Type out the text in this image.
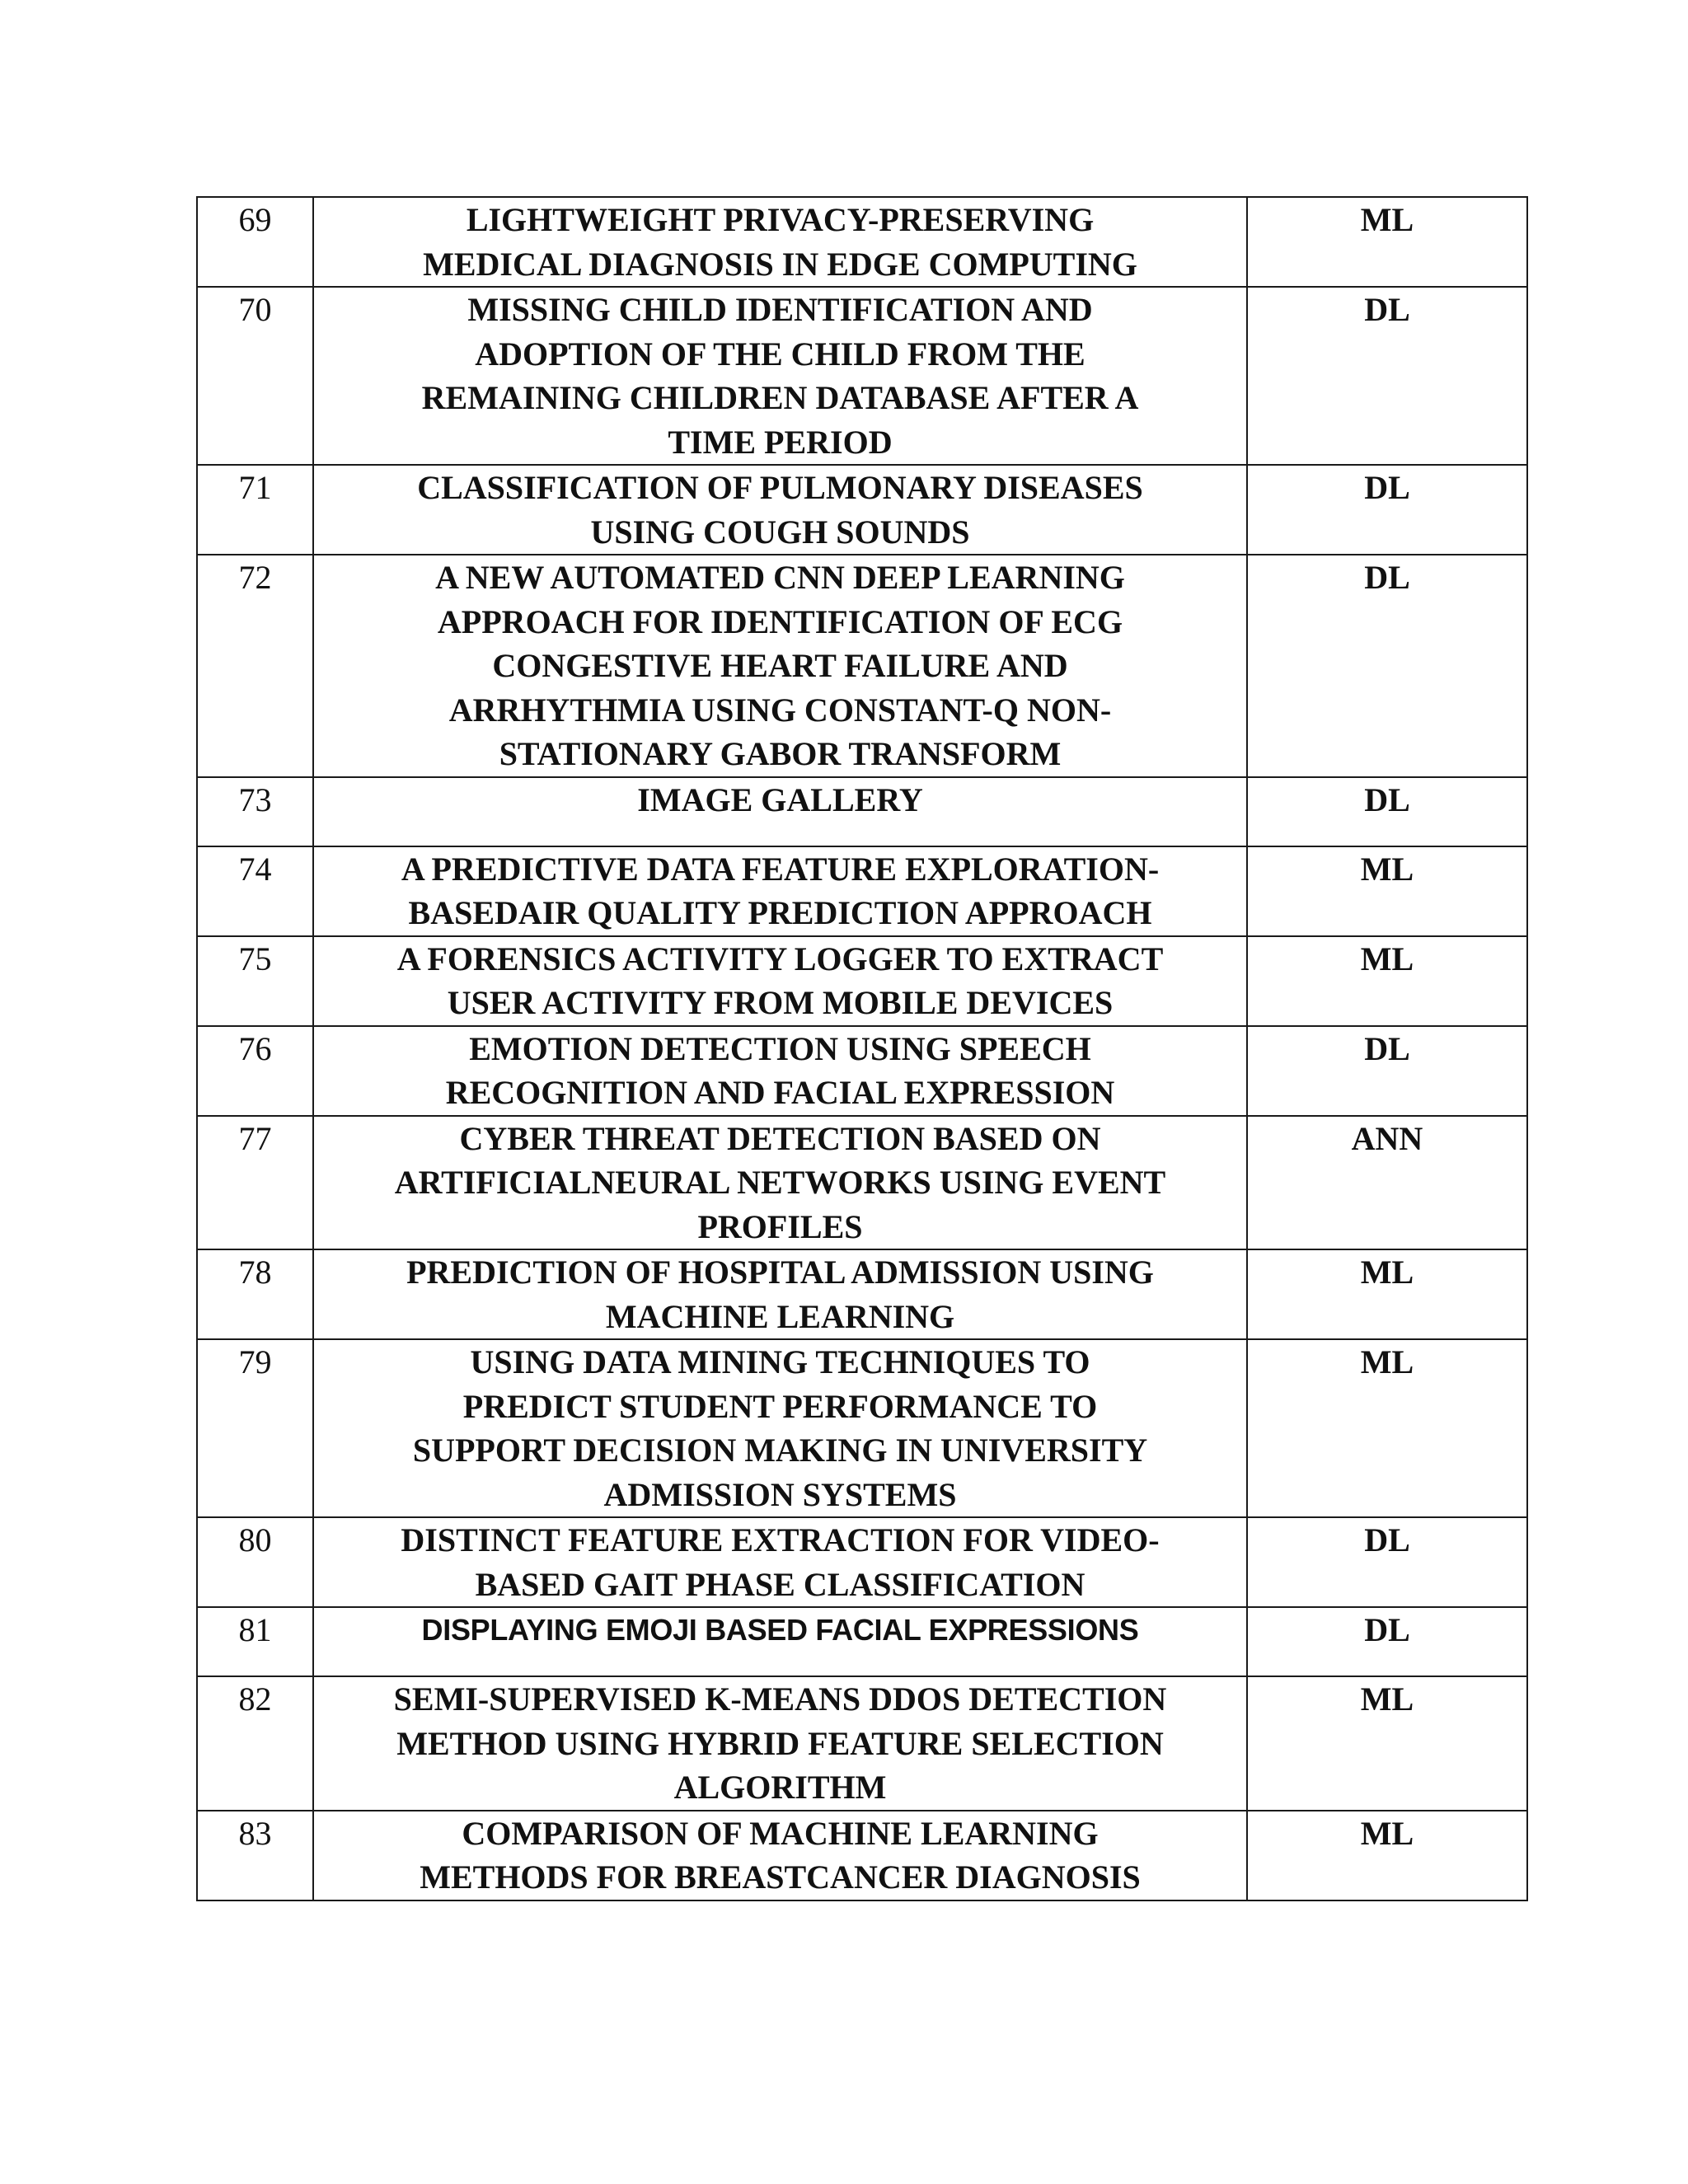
69	LIGHTWEIGHT PRIVACY-PRESERVING
MEDICAL DIAGNOSIS IN EDGE COMPUTING	ML
70	MISSING CHILD IDENTIFICATION AND
ADOPTION OF THE CHILD FROM THE
REMAINING CHILDREN DATABASE AFTER A
TIME PERIOD	DL
71	CLASSIFICATION OF PULMONARY DISEASES
USING COUGH SOUNDS	DL
72	A NEW AUTOMATED CNN DEEP LEARNING
APPROACH FOR IDENTIFICATION OF ECG
CONGESTIVE HEART FAILURE AND
ARRHYTHMIA USING CONSTANT-Q NON-
STATIONARY GABOR TRANSFORM	DL
73	IMAGE GALLERY	DL
74	A PREDICTIVE DATA FEATURE EXPLORATION-
BASEDAIR QUALITY PREDICTION APPROACH	ML
75	A FORENSICS ACTIVITY LOGGER TO EXTRACT
USER ACTIVITY FROM MOBILE DEVICES	ML
76	EMOTION DETECTION USING SPEECH
RECOGNITION AND FACIAL EXPRESSION	DL
77	CYBER THREAT DETECTION BASED ON
ARTIFICIALNEURAL NETWORKS USING EVENT
PROFILES	ANN
78	PREDICTION OF HOSPITAL ADMISSION USING
MACHINE LEARNING	ML
79	USING DATA MINING TECHNIQUES TO
PREDICT STUDENT PERFORMANCE TO
SUPPORT DECISION MAKING IN UNIVERSITY
ADMISSION SYSTEMS	ML
80	DISTINCT FEATURE EXTRACTION FOR VIDEO-
BASED GAIT PHASE CLASSIFICATION	DL
81	DISPLAYING EMOJI BASED FACIAL EXPRESSIONS	DL
82	SEMI-SUPERVISED K-MEANS DDOS DETECTION
METHOD USING HYBRID FEATURE SELECTION
ALGORITHM	ML
83	COMPARISON OF MACHINE LEARNING
METHODS FOR BREASTCANCER DIAGNOSIS	ML
